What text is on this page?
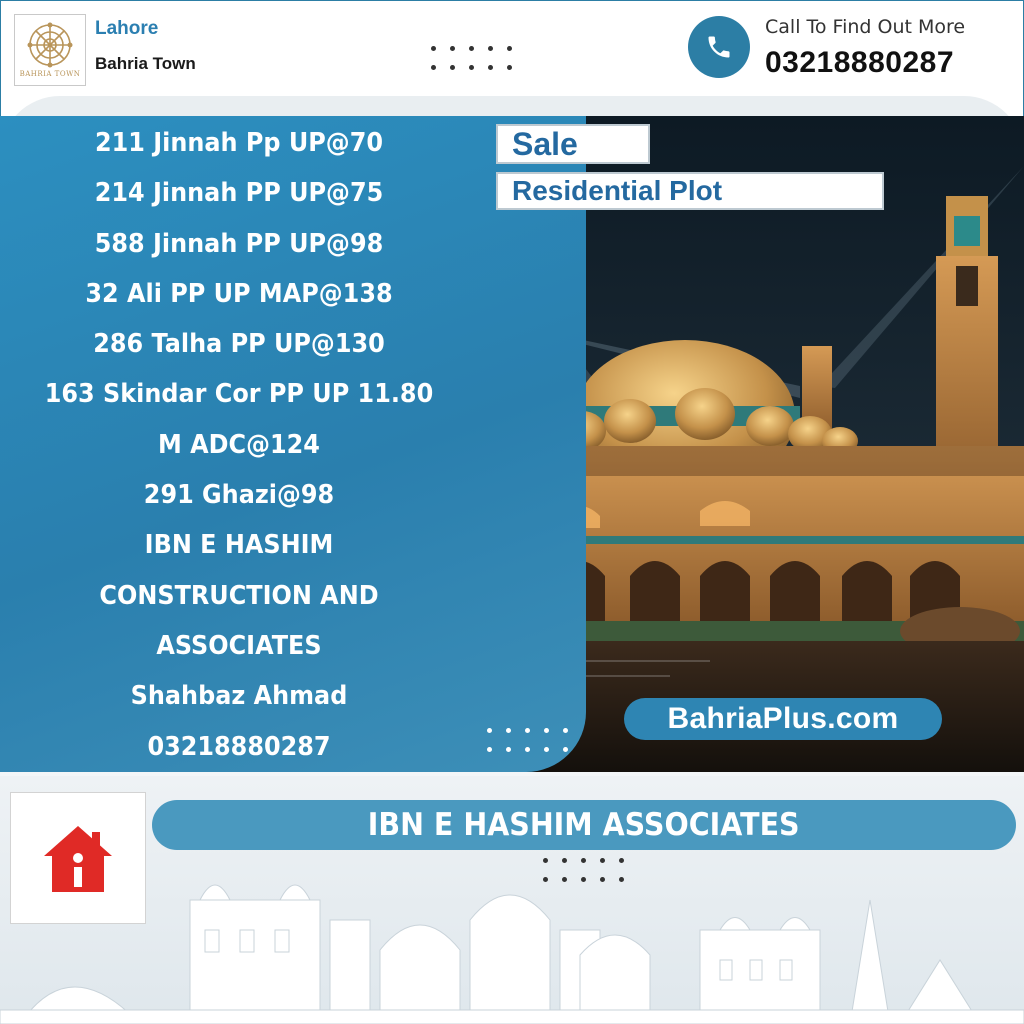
BAHRIA TOWN
Lahore
Bahria Town
Call To Find Out More
03218880287
211 Jinnah Pp UP@70
214 Jinnah PP UP@75
588 Jinnah PP UP@98
32 Ali PP UP MAP@138
286 Talha PP UP@130
163 Skindar Cor PP UP 11.80
M ADC@124
291 Ghazi@98
IBN E HASHIM
CONSTRUCTION AND
ASSOCIATES
Shahbaz Ahmad
03218880287
Sale
Residential Plot
BahriaPlus.com
IBN E HASHIM ASSOCIATES
